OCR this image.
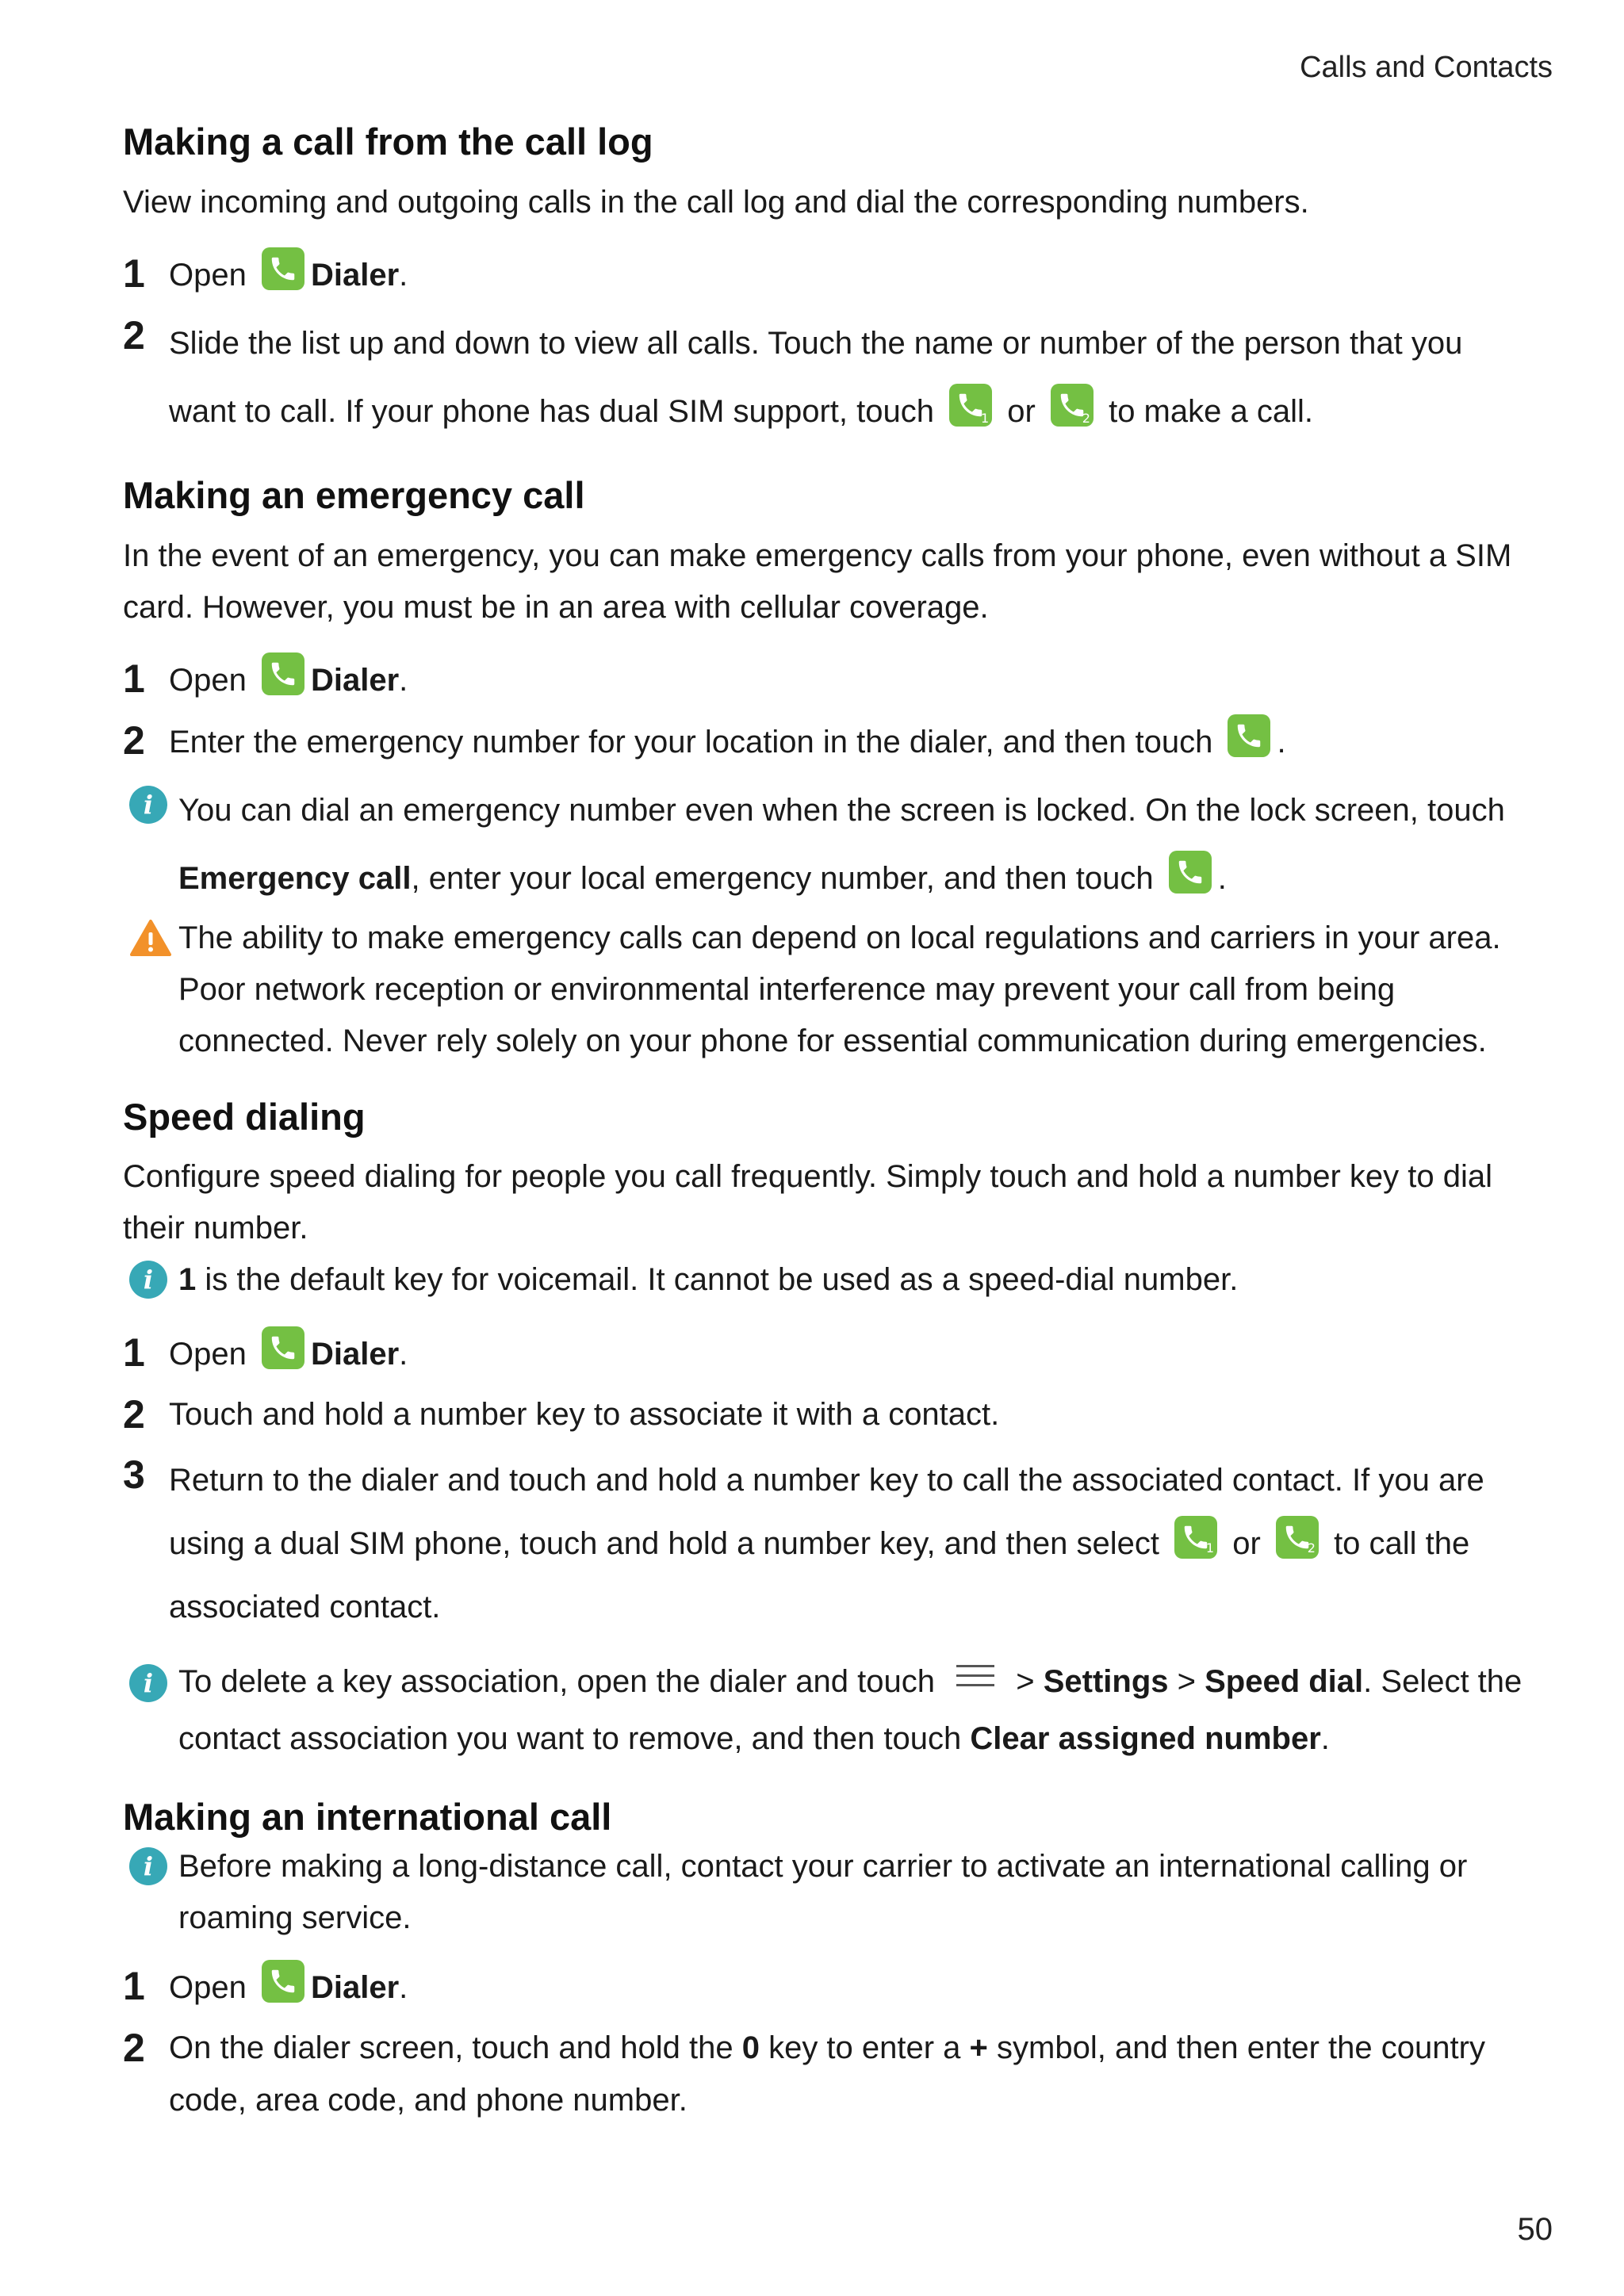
Calls and Contacts
Making a call from the call log

View incoming and outgoing calls in the call log and dial the corresponding numbers.

1 Open Dialer.
2 Slide the list up and down to view all calls. Touch the name or number of the person that you want to call. If your phone has dual SIM support, touch	1 or	2 to make a call.
Making an emergency call

In the event of an emergency, you can make emergency calls from your phone, even without a SIM card. However, you must be in an area with cellular coverage.

1 Open Dialer.
2 Enter the emergency number for your location in the dialer, and then touch .
i You can dial an emergency number even when the screen is locked. On the lock screen, touch Emergency call, enter your local emergency number, and then touch .
The ability to make emergency calls can depend on local regulations and carriers in your area. Poor network reception or environmental interference may prevent your call from being connected. Never rely solely on your phone for essential communication during emergencies.
Speed dialing

Configure speed dialing for people you call frequently. Simply touch and hold a number key to dial their number.

i 1 is the default key for voicemail. It cannot be used as a speed-dial number.
1 Open Dialer.
2 Touch and hold a number key to associate it with a contact.
3 Return to the dialer and touch and hold a number key to call the associated contact. If you are using a dual SIM phone, touch and hold a number key, and then select	1 or	2 to call the associated contact.
i To delete a key association, open the dialer and touch  > Settings > Speed dial. Select the contact association you want to remove, and then touch Clear assigned number.
Making an international call
i Before making a long-distance call, contact your carrier to activate an international calling or roaming service.
1 Open Dialer.
2 On the dialer screen, touch and hold the 0 key to enter a + symbol, and then enter the country code, area code, and phone number.
50
